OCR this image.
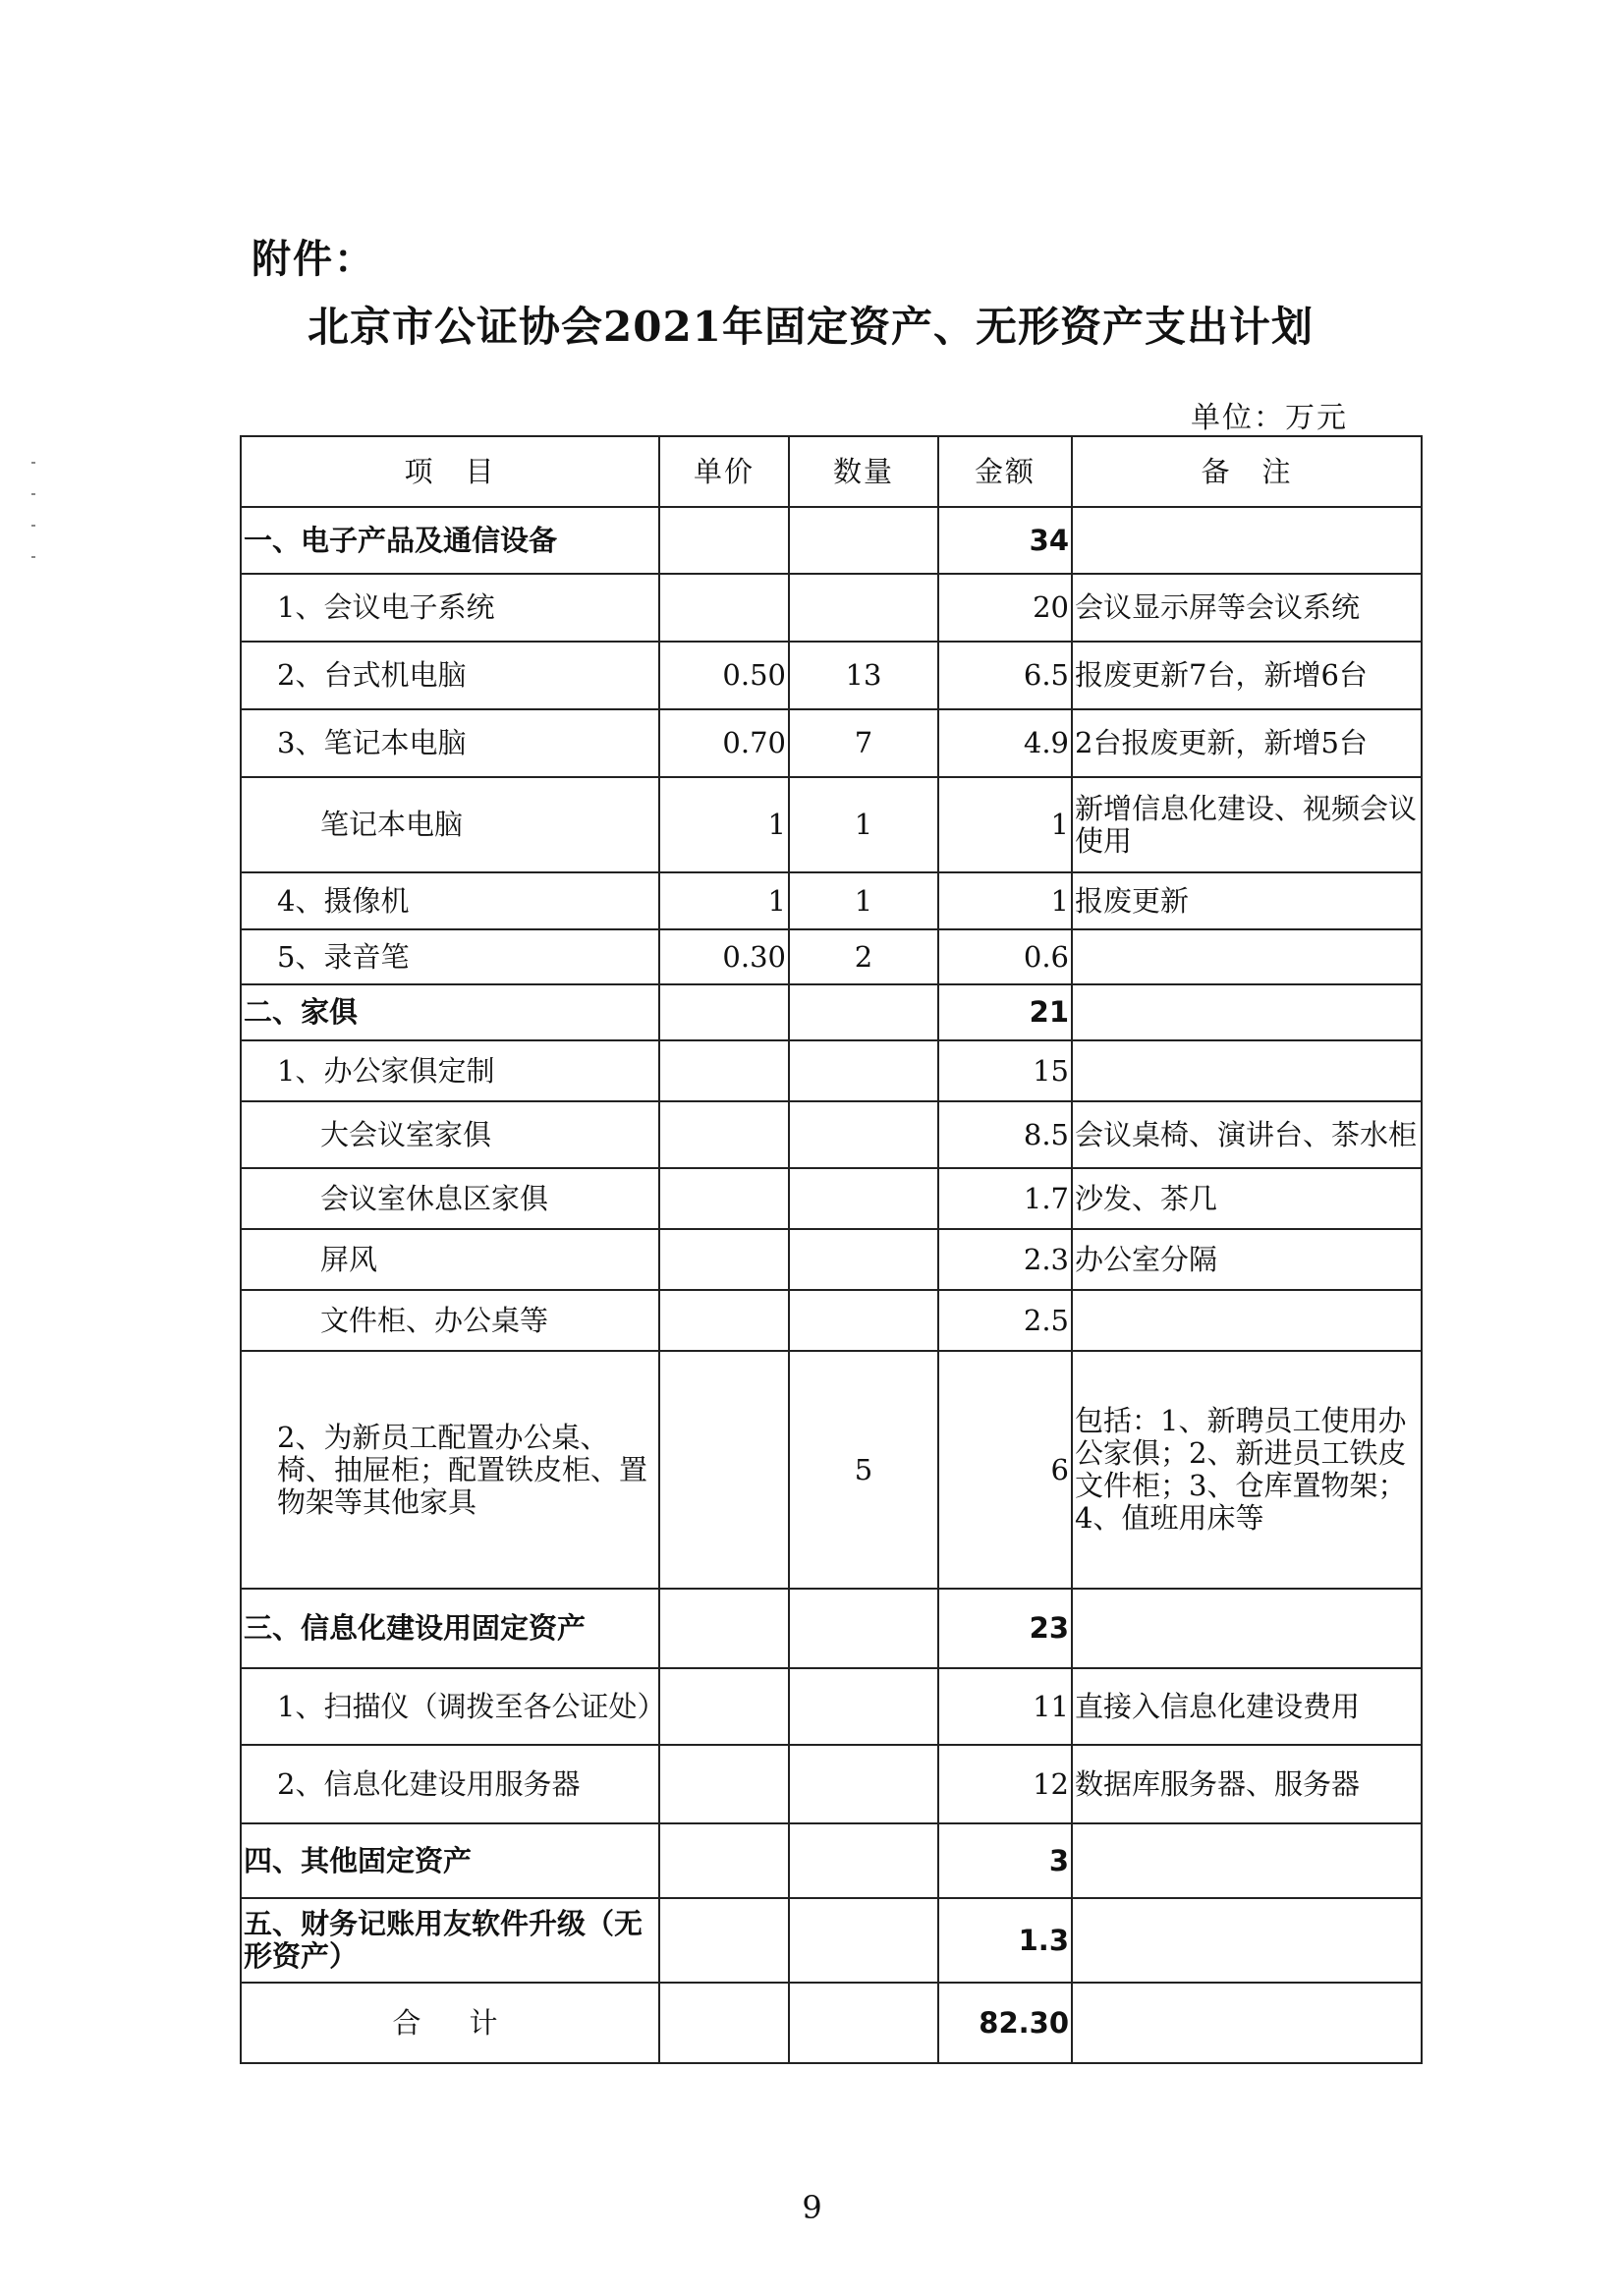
附件：
北京市公证协会2021年固定资产、无形资产支出计划
单位：万元
项　目	单价	数量	金额	备　注
一、电子产品及通信设备			34	
1、会议电子系统			20	会议显示屏等会议系统
2、台式机电脑	0.50	13	6.5	报废更新7台，新增6台
3、笔记本电脑	0.70	7	4.9	2台报废更新，新增5台
笔记本电脑	1	1	1	新增信息化建设、视频会议使用
4、摄像机	1	1	1	报废更新
5、录音笔	0.30	2	0.6	
二、家俱			21	
1、办公家俱定制			15	
大会议室家俱			8.5	会议桌椅、演讲台、茶水柜
会议室休息区家俱			1.7	沙发、茶几
屏风			2.3	办公室分隔
文件柜、办公桌等			2.5	
2、为新员工配置办公桌、椅、抽屉柜；配置铁皮柜、置物架等其他家具		5	6	包括：1、新聘员工使用办公家俱；2、新进员工铁皮文件柜；3、仓库置物架；4、值班用床等
三、信息化建设用固定资产			23	
1、扫描仪（调拨至各公证处）			11	直接入信息化建设费用
2、信息化建设用服务器			12	数据库服务器、服务器
四、其他固定资产			3	
五、财务记账用友软件升级（无形资产）			1.3	
合　计			82.30	
9
